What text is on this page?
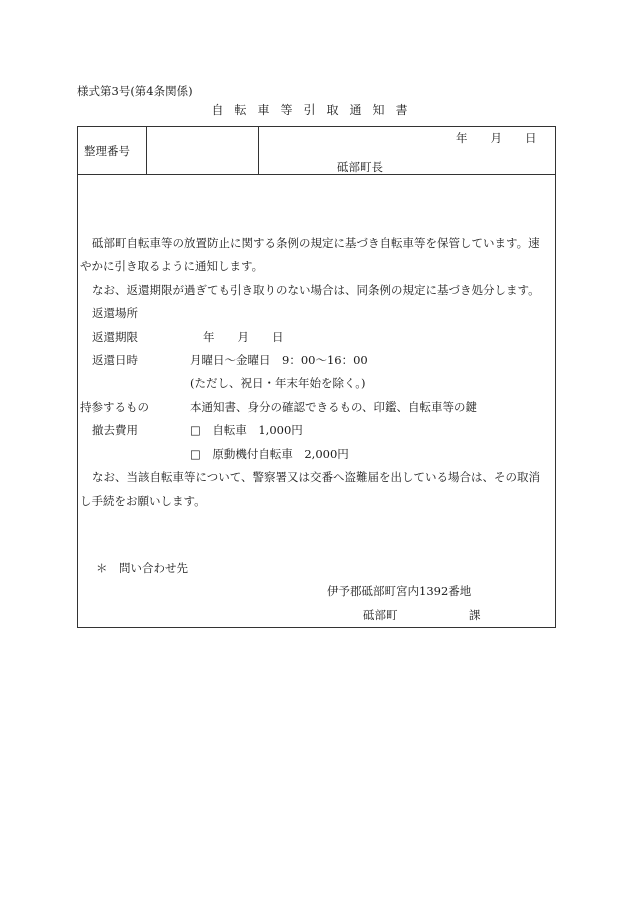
様式第3号(第4条関係)
自転車等引取通知書
整理番号
年　　月　　日
砥部町長
砥部町自転車等の放置防止に関する条例の規定に基づき自転車等を保管しています。速
やかに引き取るように通知します。
なお、返還期限が過ぎても引き取りのない場合は、同条例の規定に基づき処分します。
返還場所
返還期限	年　　月　　日
返還日時	月曜日～金曜日　9：00～16：00
(ただし、祝日・年末年始を除く。)
持参するもの	本通知書、身分の確認できるもの、印鑑、自転車等の鍵
撤去費用	□　自転車　1,000円
□　原動機付自転車　2,000円
なお、当該自転車等について、警察署又は交番へ盗難届を出している場合は、その取消
し手続をお願いします。
＊　問い合わせ先
伊予郡砥部町宮内1392番地
砥部町	課
